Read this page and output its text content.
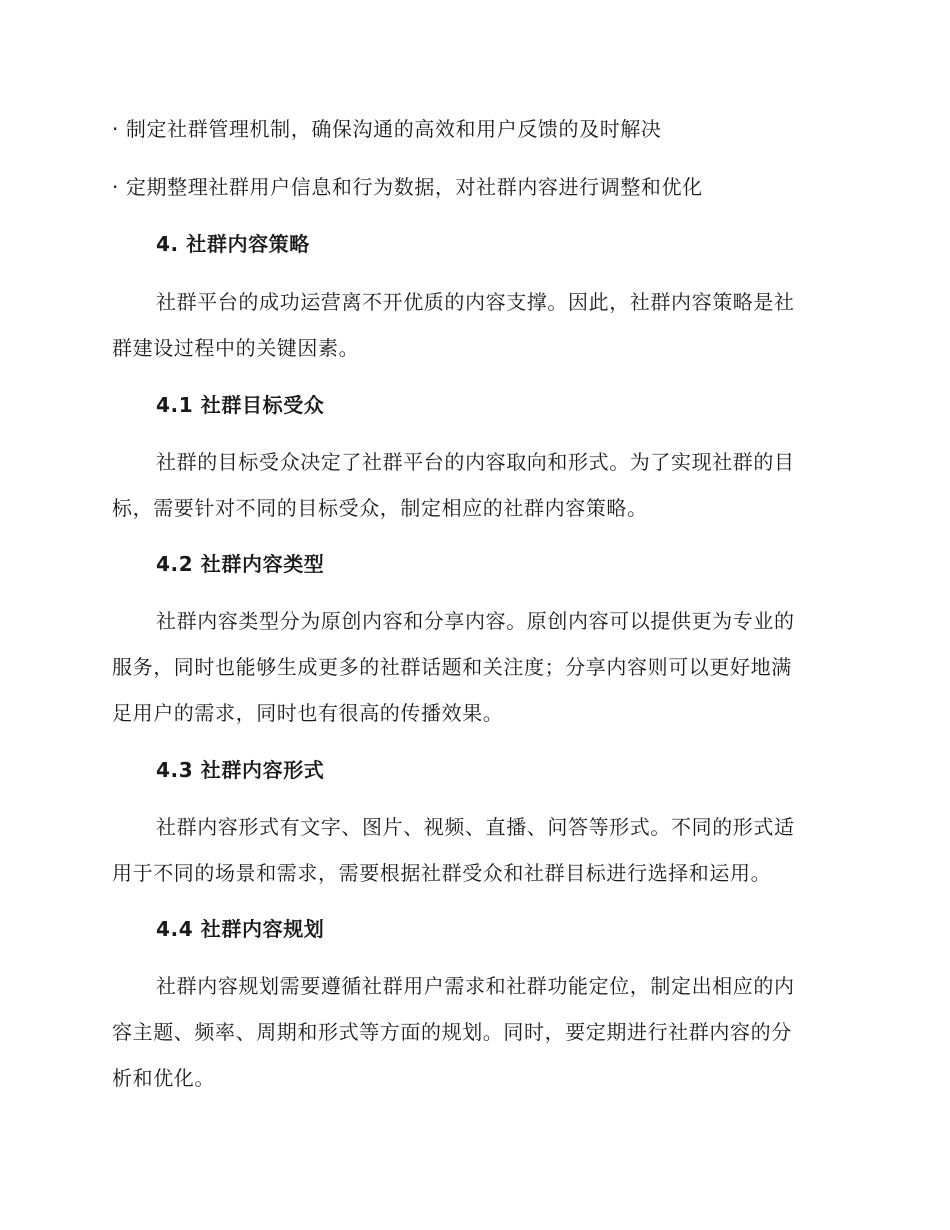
· 制定社群管理机制，确保沟通的高效和用户反馈的及时解决
· 定期整理社群用户信息和行为数据，对社群内容进行调整和优化
4. 社群内容策略
社群平台的成功运营离不开优质的内容支撑。因此，社群内容策略是社
群建设过程中的关键因素。
4.1 社群目标受众
社群的目标受众决定了社群平台的内容取向和形式。为了实现社群的目
标，需要针对不同的目标受众，制定相应的社群内容策略。
4.2 社群内容类型
社群内容类型分为原创内容和分享内容。原创内容可以提供更为专业的
服务，同时也能够生成更多的社群话题和关注度；分享内容则可以更好地满
足用户的需求，同时也有很高的传播效果。
4.3 社群内容形式
社群内容形式有文字、图片、视频、直播、问答等形式。不同的形式适
用于不同的场景和需求，需要根据社群受众和社群目标进行选择和运用。
4.4 社群内容规划
社群内容规划需要遵循社群用户需求和社群功能定位，制定出相应的内
容主题、频率、周期和形式等方面的规划。同时，要定期进行社群内容的分
析和优化。
